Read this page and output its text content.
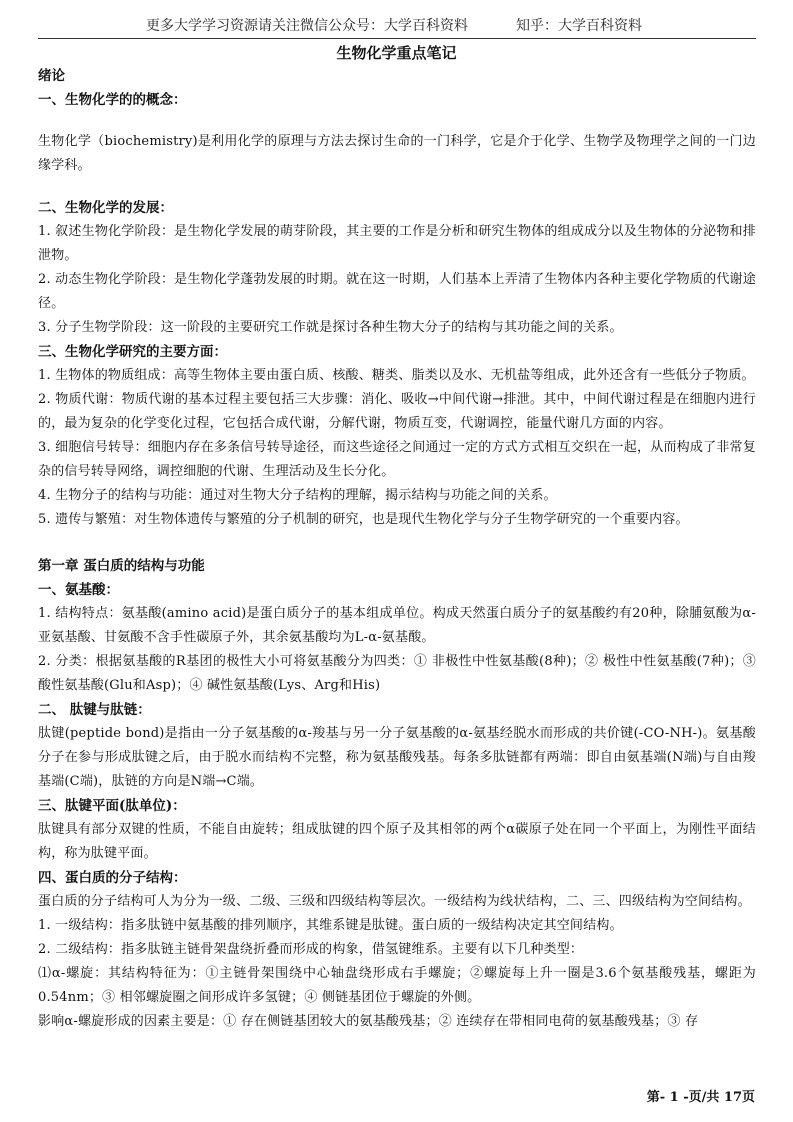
更多大学学习资源请关注微信公众号：大学百科资料	知乎：大学百科资料
生物化学重点笔记
绪论
一、生物化学的的概念：
生物化学（biochemistry)是利用化学的原理与方法去探讨生命的一门科学，它是介于化学、生物学及物理学之间的一门边缘学科。
二、生物化学的发展：
1. 叙述生物化学阶段：是生物化学发展的萌芽阶段，其主要的工作是分析和研究生物体的组成成分以及生物体的分泌物和排泄物。
2. 动态生物化学阶段：是生物化学蓬勃发展的时期。就在这一时期，人们基本上弄清了生物体内各种主要化学物质的代谢途径。
3. 分子生物学阶段：这一阶段的主要研究工作就是探讨各种生物大分子的结构与其功能之间的关系。
三、生物化学研究的主要方面：
1. 生物体的物质组成：高等生物体主要由蛋白质、核酸、糖类、脂类以及水、无机盐等组成，此外还含有一些低分子物质。
2. 物质代谢：物质代谢的基本过程主要包括三大步骤：消化、吸收→中间代谢→排泄。其中，中间代谢过程是在细胞内进行的，最为复杂的化学变化过程，它包括合成代谢，分解代谢，物质互变，代谢调控，能量代谢几方面的内容。
3. 细胞信号转导：细胞内存在多条信号转导途径，而这些途径之间通过一定的方式方式相互交织在一起，从而构成了非常复杂的信号转导网络，调控细胞的代谢、生理活动及生长分化。
4. 生物分子的结构与功能：通过对生物大分子结构的理解，揭示结构与功能之间的关系。
5. 遗传与繁殖：对生物体遗传与繁殖的分子机制的研究，也是现代生物化学与分子生物学研究的一个重要内容。
第一章 蛋白质的结构与功能
一、氨基酸：
1. 结构特点：氨基酸(amino acid)是蛋白质分子的基本组成单位。构成天然蛋白质分子的氨基酸约有20种，除脯氨酸为α-亚氨基酸、甘氨酸不含手性碳原子外，其余氨基酸均为L-α-氨基酸。
2. 分类：根据氨基酸的R基团的极性大小可将氨基酸分为四类：① 非极性中性氨基酸(8种)；② 极性中性氨基酸(7种)；③ 酸性氨基酸(Glu和Asp)；④ 碱性氨基酸(Lys、Arg和His)
二、 肽键与肽链：
肽键(peptide bond)是指由一分子氨基酸的α-羧基与另一分子氨基酸的α-氨基经脱水而形成的共价键(-CO-NH-)。氨基酸分子在参与形成肽键之后，由于脱水而结构不完整，称为氨基酸残基。每条多肽链都有两端：即自由氨基端(N端)与自由羧基端(C端)，肽链的方向是N端→C端。
三、肽键平面(肽单位)：
肽键具有部分双键的性质，不能自由旋转；组成肽键的四个原子及其相邻的两个α碳原子处在同一个平面上，为刚性平面结构，称为肽键平面。
四、蛋白质的分子结构：
蛋白质的分子结构可人为分为一级、二级、三级和四级结构等层次。一级结构为线状结构，二、三、四级结构为空间结构。
1. 一级结构：指多肽链中氨基酸的排列顺序，其维系键是肽键。蛋白质的一级结构决定其空间结构。
2. 二级结构：指多肽链主链骨架盘绕折叠而形成的构象，借氢键维系。主要有以下几种类型：
⑴α-螺旋：其结构特征为：①主链骨架围绕中心轴盘绕形成右手螺旋；②螺旋每上升一圈是3.6个氨基酸残基，螺距为0.54nm；③ 相邻螺旋圈之间形成许多氢键；④ 侧链基团位于螺旋的外侧。
影响α-螺旋形成的因素主要是：① 存在侧链基团较大的氨基酸残基；② 连续存在带相同电荷的氨基酸残基；③ 存
第- 1 -页/共 17页
